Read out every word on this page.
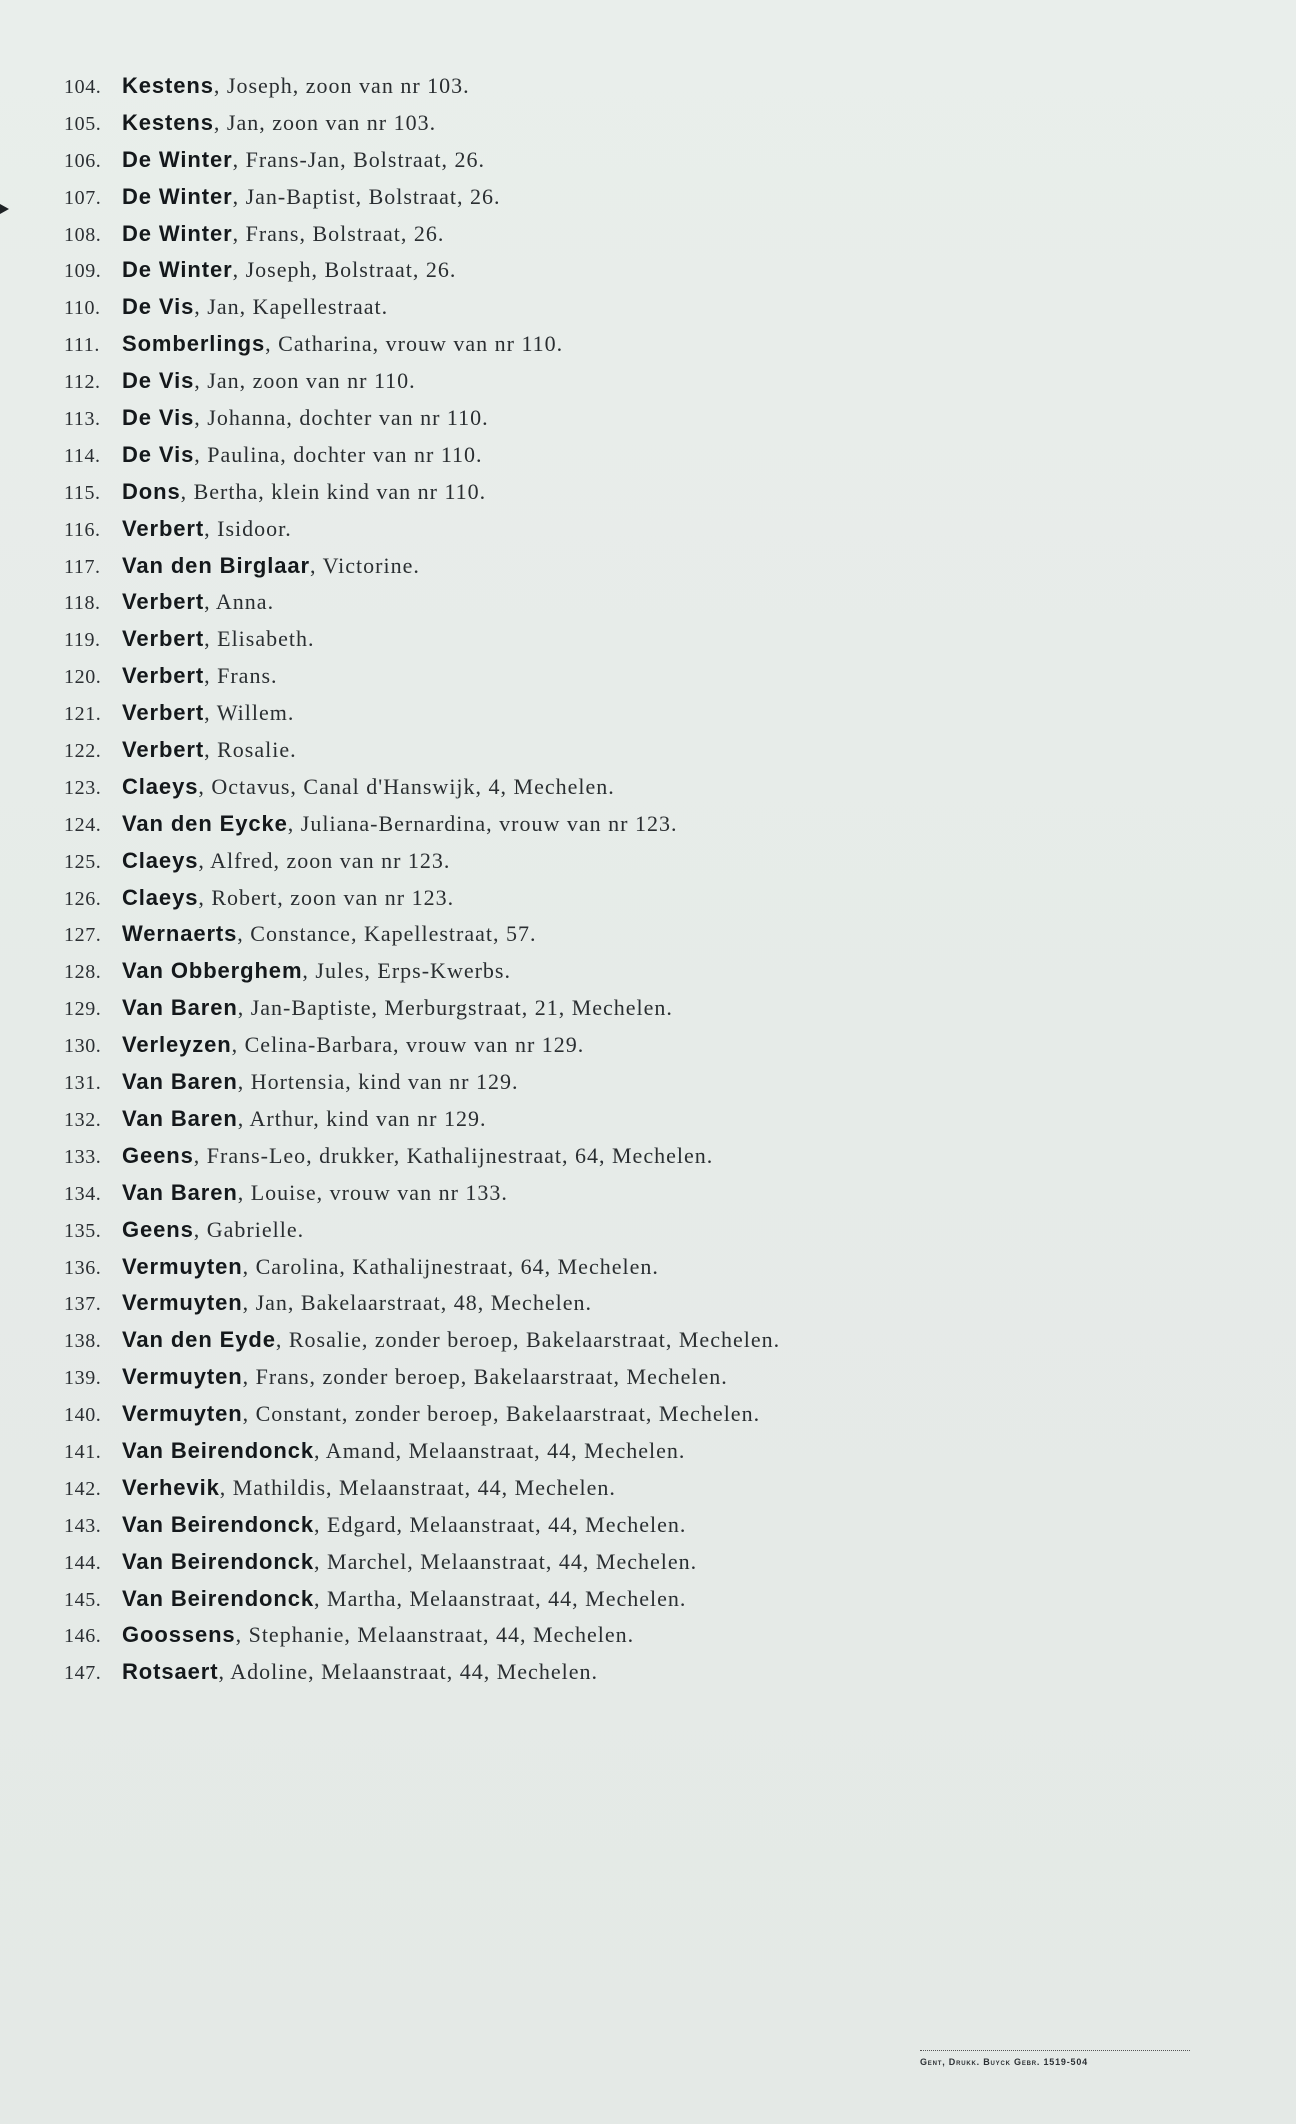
104. Kestens, Joseph, zoon van nr 103.
105. Kestens, Jan, zoon van nr 103.
106. De Winter, Frans-Jan, Bolstraat, 26.
107. De Winter, Jan-Baptist, Bolstraat, 26.
108. De Winter, Frans, Bolstraat, 26.
109. De Winter, Joseph, Bolstraat, 26.
110. De Vis, Jan, Kapellestraat.
111. Somberlings, Catharina, vrouw van nr 110.
112. De Vis, Jan, zoon van nr 110.
113. De Vis, Johanna, dochter van nr 110.
114. De Vis, Paulina, dochter van nr 110.
115. Dons, Bertha, klein kind van nr 110.
116. Verbert, Isidoor.
117. Van den Birglaar, Victorine.
118. Verbert, Anna.
119. Verbert, Elisabeth.
120. Verbert, Frans.
121. Verbert, Willem.
122. Verbert, Rosalie.
123. Claeys, Octavus, Canal d'Hanswijk, 4, Mechelen.
124. Van den Eycke, Juliana-Bernardina, vrouw van nr 123.
125. Claeys, Alfred, zoon van nr 123.
126. Claeys, Robert, zoon van nr 123.
127. Wernaerts, Constance, Kapellestraat, 57.
128. Van Obberghem, Jules, Erps-Kwerbs.
129. Van Baren, Jan-Baptiste, Merburgstraat, 21, Mechelen.
130. Verleyzen, Celina-Barbara, vrouw van nr 129.
131. Van Baren, Hortensia, kind van nr 129.
132. Van Baren, Arthur, kind van nr 129.
133. Geens, Frans-Leo, drukker, Kathalijnestraat, 64, Mechelen.
134. Van Baren, Louise, vrouw van nr 133.
135. Geens, Gabrielle.
136. Vermuyten, Carolina, Kathalijnestraat, 64, Mechelen.
137. Vermuyten, Jan, Bakelaarstraat, 48, Mechelen.
138. Van den Eyde, Rosalie, zonder beroep, Bakelaarstraat, Mechelen.
139. Vermuyten, Frans, zonder beroep, Bakelaarstraat, Mechelen.
140. Vermuyten, Constant, zonder beroep, Bakelaarstraat, Mechelen.
141. Van Beirendonck, Amand, Melaanstraat, 44, Mechelen.
142. Verhevik, Mathildis, Melaanstraat, 44, Mechelen.
143. Van Beirendonck, Edgard, Melaanstraat, 44, Mechelen.
144. Van Beirendonck, Marchel, Melaanstraat, 44, Mechelen.
145. Van Beirendonck, Martha, Melaanstraat, 44, Mechelen.
146. Goossens, Stephanie, Melaanstraat, 44, Mechelen.
147. Rotsaert, Adoline, Melaanstraat, 44, Mechelen.
Gent, Drukk. Buyck Gebr. 1519-504
